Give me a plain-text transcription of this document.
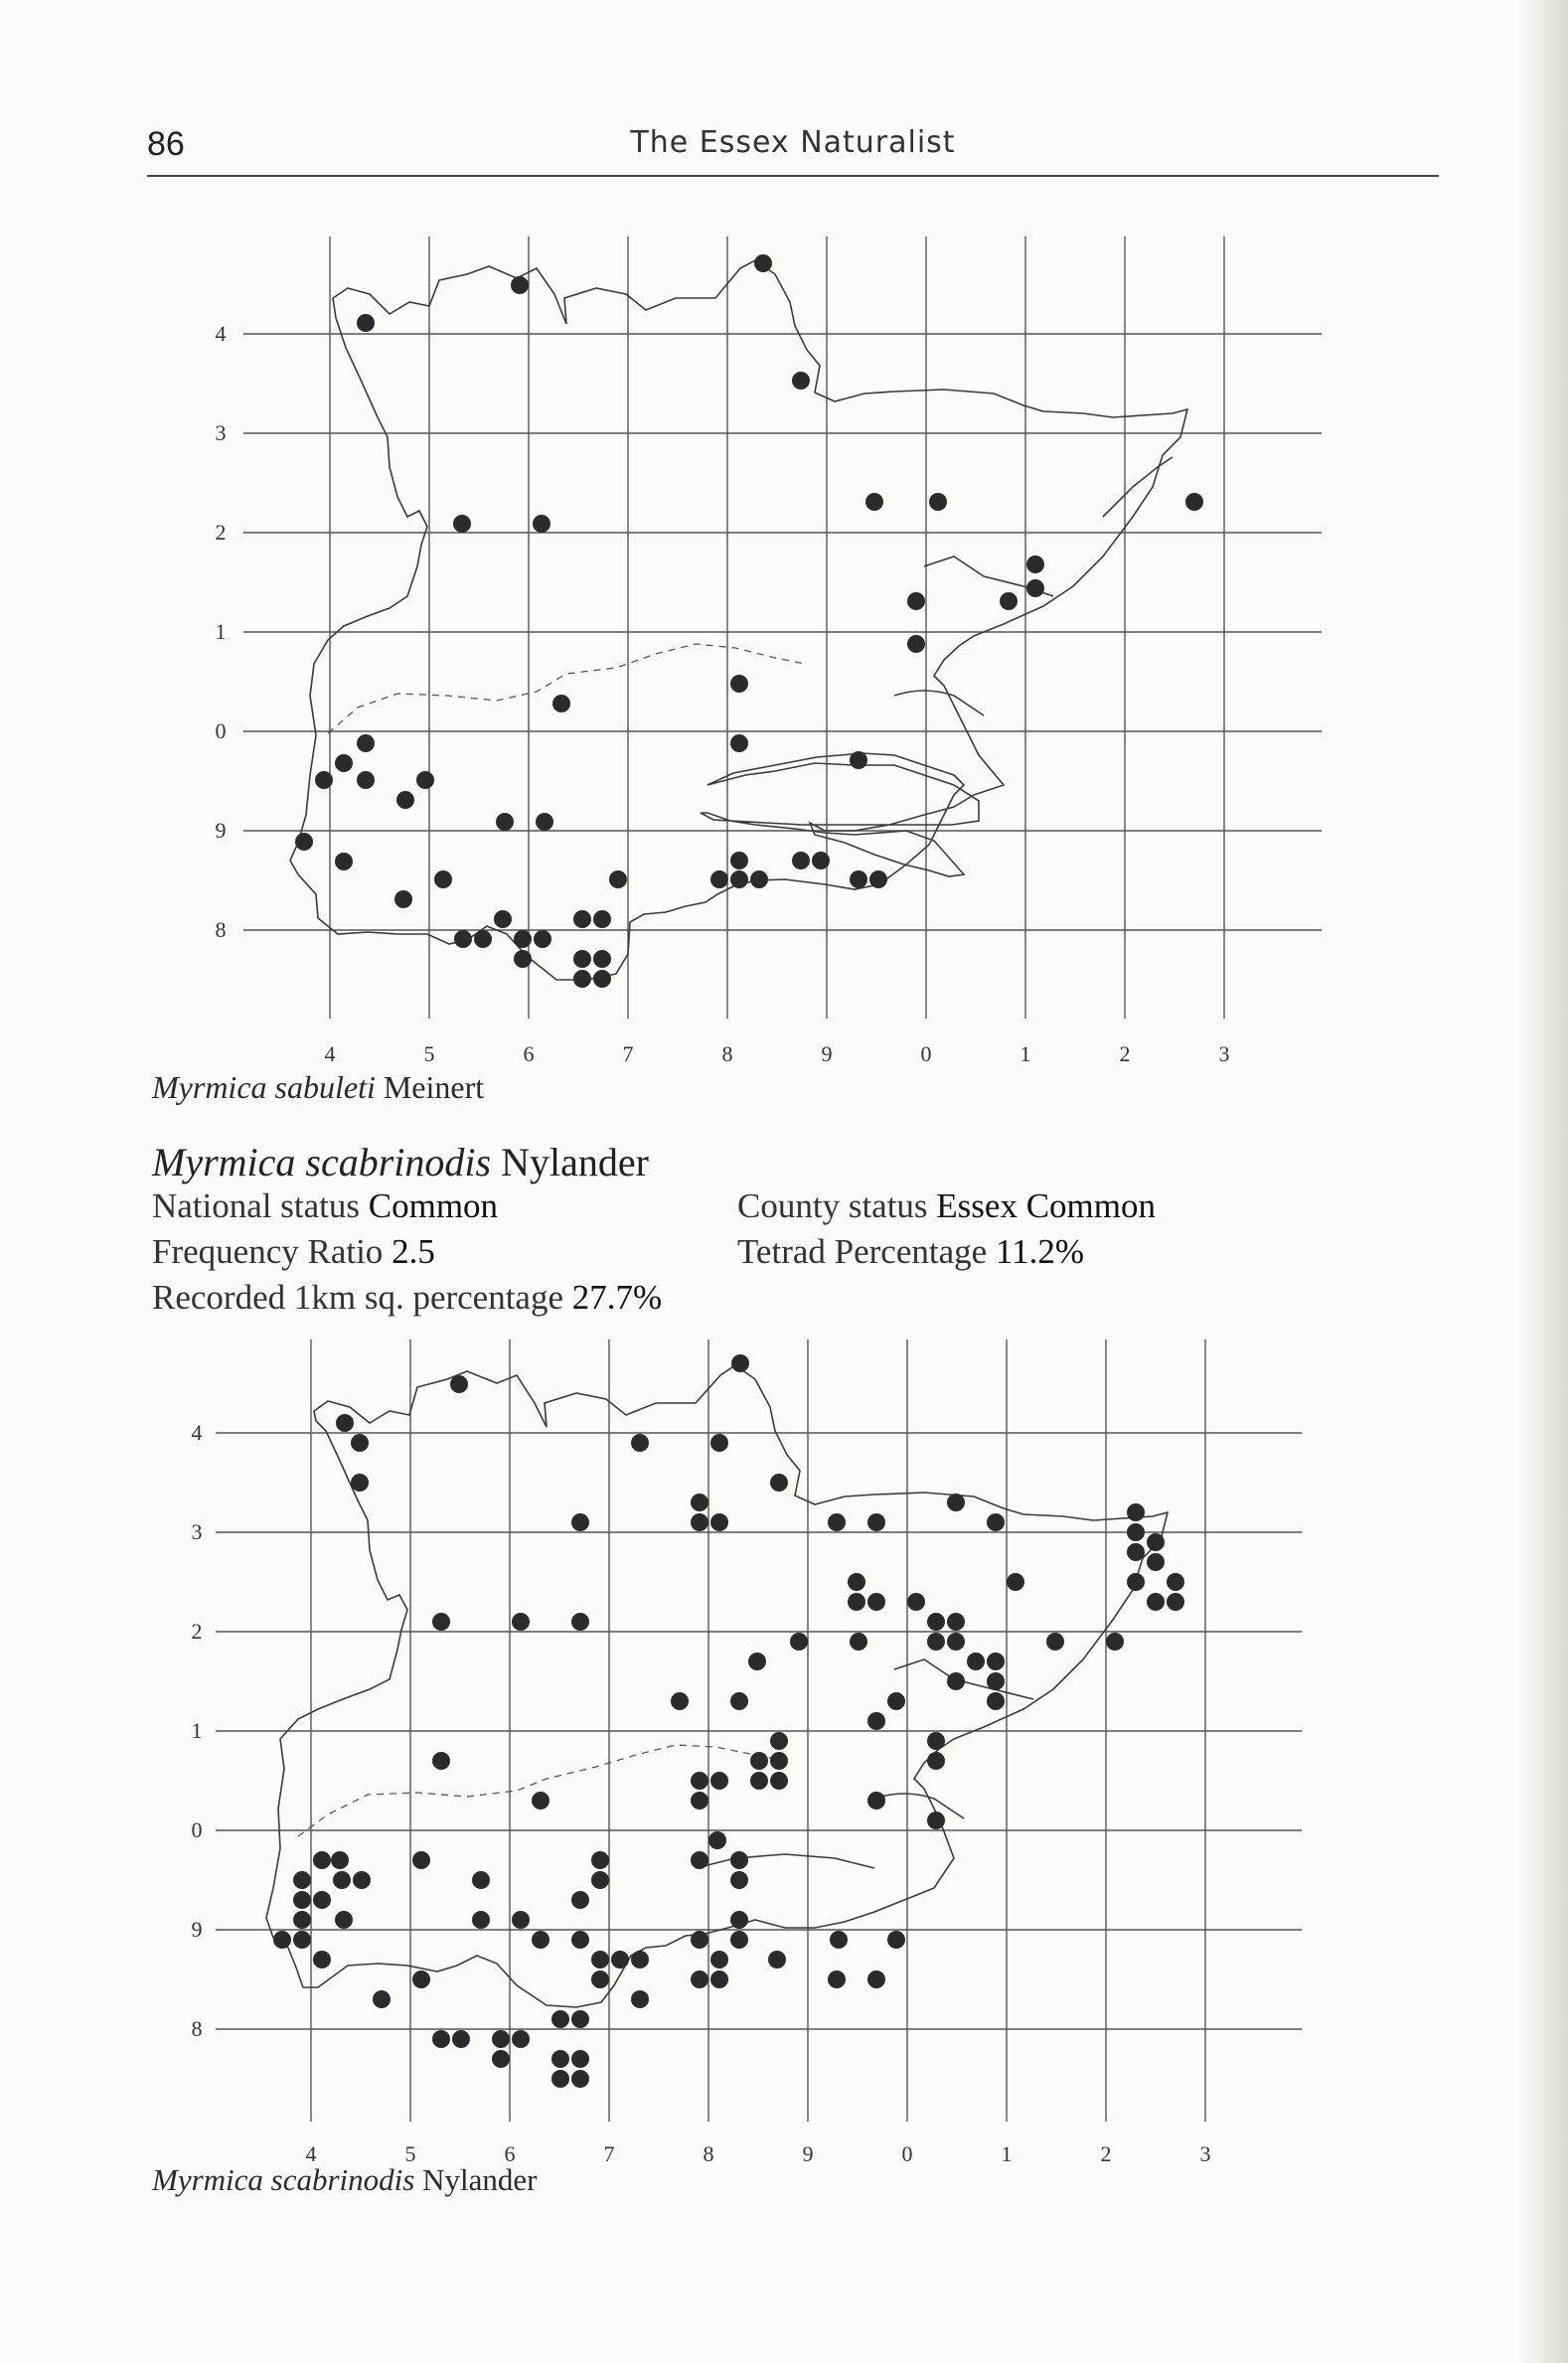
86	The Essex Naturalist
4	5	6	7	8	9	0	1	2	3
4
3
2
1
0
9
8
Myrmica sabuleti Meinert
Myrmica scabrinodis Nylander
National status Common	County status Essex Common
Frequency Ratio 2.5	Tetrad Percentage 11.2%
Recorded 1km sq. percentage 27.7%
4	5	6	7	8	9	0	1	2	3
4
3
2
1
0
9
8
Myrmica scabrinodis Nylander
